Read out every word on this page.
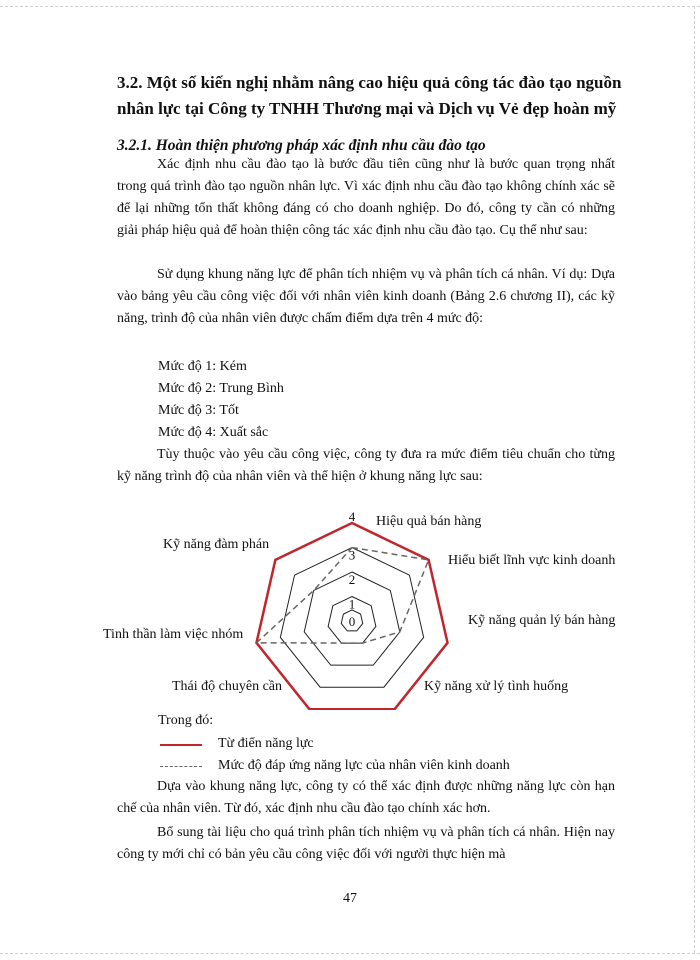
3.2. Một số kiến nghị nhằm nâng cao hiệu quả công tác đào tạo nguồn nhân lực tại Công ty TNHH Thương mại và Dịch vụ Vẻ đẹp hoàn mỹ
3.2.1. Hoàn thiện phương pháp xác định nhu cầu đào tạo

Xác định nhu cầu đào tạo là bước đầu tiên cũng như là bước quan trọng nhất trong quá trình đào tạo nguồn nhân lực. Vì xác định nhu cầu đào tạo không chính xác sẽ để lại những tổn thất không đáng có cho doanh nghiệp. Do đó, công ty cần có những giải pháp hiệu quả để hoàn thiện công tác xác định nhu cầu đào tạo. Cụ thể như sau:

Sử dụng khung năng lực để phân tích nhiệm vụ và phân tích cá nhân. Ví dụ: Dựa vào bảng yêu cầu công việc đối với nhân viên kinh doanh (Bảng 2.6 chương II), các kỹ năng, trình độ của nhân viên được chấm điểm dựa trên 4 mức độ:

Mức độ 1: Kém

Mức độ 2: Trung Bình

Mức độ 3: Tốt

Mức độ 4: Xuất sắc

Tùy thuộc vào yêu cầu công việc, công ty đưa ra mức điểm tiêu chuẩn cho từng kỹ năng trình độ của nhân viên và thể hiện ở khung năng lực sau:

0
1
2
3
4 Hiệu quả bán hàng
Hiểu biết lĩnh vực kinh doanh
Kỹ năng quản lý bán hàng
Kỹ năng xử lý tình huống
Thái độ chuyên cần
Tinh thần làm việc nhóm
Kỹ năng đàm phán

Trong đó:

Từ điển năng lực
Mức độ đáp ứng năng lực của nhân viên kinh doanh

Dựa vào khung năng lực, công ty có thể xác định được những năng lực còn hạn chế của nhân viên. Từ đó, xác định nhu cầu đào tạo chính xác hơn.

Bổ sung tài liệu cho quá trình phân tích nhiệm vụ và phân tích cá nhân. Hiện nay công ty mới chỉ có bản yêu cầu công việc đối với người thực hiện mà

47
